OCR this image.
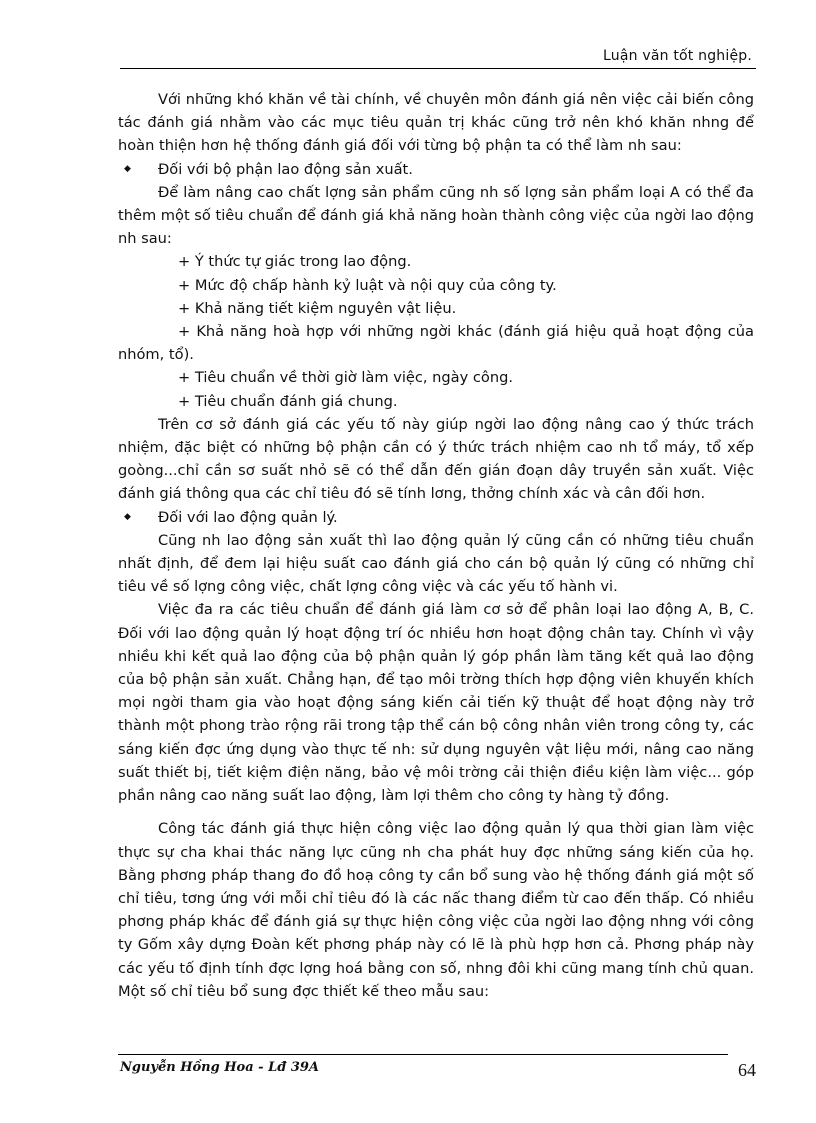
Luận văn tốt nghiệp.

Với những khó khăn về tài chính, về chuyên môn đánh giá nên việc cải biến công tác đánh giá nhằm vào các mục tiêu quản trị khác cũng trở nên khó khăn nhng để hoàn thiện hơn hệ thống đánh giá đối với từng bộ phận ta có thể làm nh sau:

◆ Đối với bộ phận lao động sản xuất.

Để làm nâng cao chất lợng sản phẩm cũng nh số lợng sản phẩm loại A có thể đa thêm một số tiêu chuẩn để đánh giá khả năng hoàn thành công việc của ngời lao động nh sau:

+ Ý thức tự giác trong lao động.

+ Mức độ chấp hành kỷ luật và nội quy của công ty.

+ Khả năng tiết kiệm nguyên vật liệu.

+ Khả năng hoà hợp với những ngời khác (đánh giá hiệu quả hoạt động của nhóm, tổ).

+ Tiêu chuẩn về thời giờ làm việc, ngày công.

+ Tiêu chuẩn đánh giá chung.

Trên cơ sở đánh giá các yếu tố này giúp ngời lao động nâng cao ý thức trách nhiệm, đặc biệt có những bộ phận cần có ý thức trách nhiệm cao nh tổ máy, tổ xếp goòng...chỉ cần sơ suất nhỏ sẽ có thể dẫn đến gián đoạn dây truyền sản xuất. Việc đánh giá thông qua các chỉ tiêu đó sẽ tính lơng, thởng chính xác và cân đối hơn.

◆ Đối với lao động quản lý.

Cũng nh lao động sản xuất thì lao động quản lý cũng cần có những tiêu chuẩn nhất định, để đem lại hiệu suất cao đánh giá cho cán bộ quản lý cũng có những chỉ tiêu về số lợng công việc, chất lợng công việc và các yếu tố hành vi.

Việc đa ra các tiêu chuẩn để đánh giá làm cơ sở để phân loại lao động A, B, C. Đối với lao động quản lý hoạt động trí óc nhiều hơn hoạt động chân tay. Chính vì vậy nhiều khi kết quả lao động của bộ phận quản lý góp phần làm tăng kết quả lao động của bộ phận sản xuất. Chẳng hạn, để tạo môi trờng thích hợp động viên khuyến khích mọi ngời tham gia vào hoạt động sáng kiến cải tiến kỹ thuật để hoạt động này trở thành một phong trào rộng rãi trong tập thể cán bộ công nhân viên trong công ty, các sáng kiến đợc ứng dụng vào thực tế nh: sử dụng nguyên vật liệu mới, nâng cao năng suất thiết bị, tiết kiệm điện năng, bảo vệ môi trờng cải thiện điều kiện làm việc... góp phần nâng cao năng suất lao động, làm lợi thêm cho công ty hàng tỷ đồng.

Công tác đánh giá thực hiện công việc lao động quản lý qua thời gian làm việc thực sự cha khai thác năng lực cũng nh cha phát huy đợc những sáng kiến của họ. Bằng phơng pháp thang đo đồ hoạ công ty cần bổ sung vào hệ thống đánh giá một số chỉ tiêu, tơng ứng với mỗi chỉ tiêu đó là các nấc thang điểm từ cao đến thấp. Có nhiều phơng pháp khác để đánh giá sự thực hiện công việc của ngời lao động nhng với công ty Gốm xây dựng Đoàn kết phơng pháp này có lẽ là phù hợp hơn cả. Phơng pháp này các yếu tố định tính đợc lợng hoá bằng con số, nhng đôi khi cũng mang tính chủ quan. Một số chỉ tiêu bổ sung đợc thiết kế theo mẫu sau:

Nguyễn Hồng Hoa - Lđ 39A	64
